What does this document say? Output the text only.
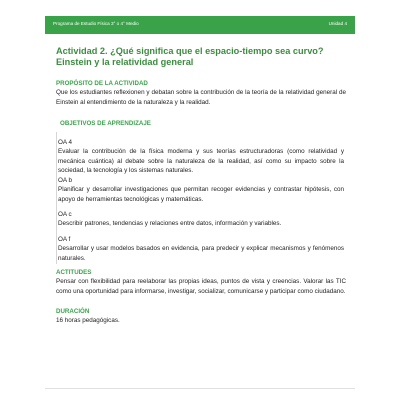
Programa de Estudio Física 3° o 4° Medio	Unidad 4
Actividad 2. ¿Qué significa que el espacio-tiempo sea curvo? Einstein y la relatividad general
PROPÓSITO DE LA ACTIVIDAD
Que los estudiantes reflexionen y debatan sobre la contribución de la teoría de la relatividad general de Einstein al entendimiento de la naturaleza y la realidad.
OBJETIVOS DE APRENDIZAJE
OA 4
Evaluar la contribución de la física moderna y sus teorías estructuradoras (como relatividad y mecánica cuántica) al debate sobre la naturaleza de la realidad, así como su impacto sobre la sociedad, la tecnología y los sistemas naturales.
OA b
Planificar y desarrollar investigaciones que permitan recoger evidencias y contrastar hipótesis, con apoyo de herramientas tecnológicas y matemáticas.
OA c
Describir patrones, tendencias y relaciones entre datos, información y variables.
OA f
Desarrollar y usar modelos basados en evidencia, para predecir y explicar mecanismos y fenómenos naturales.
ACTITUDES
Pensar con flexibilidad para reelaborar las propias ideas, puntos de vista y creencias. Valorar las TIC como una oportunidad para informarse, investigar, socializar, comunicarse y participar como ciudadano.
DURACIÓN
16 horas pedagógicas.
